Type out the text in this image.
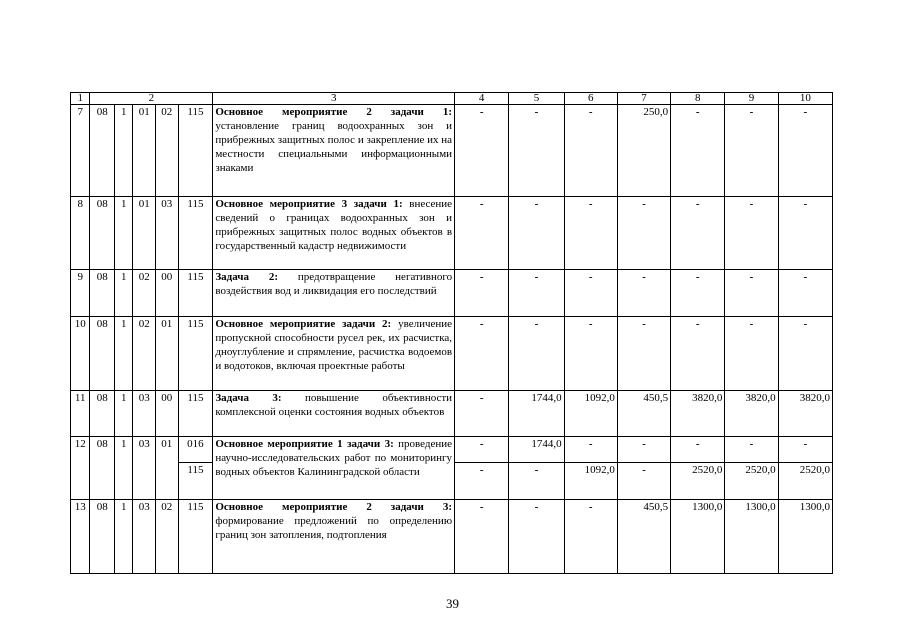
1	2					3	4	5	6	7	8	9	10
7	08	1	01	02	115	Основное мероприятие 2 задачи 1: установление границ водоохранных зон и прибрежных защитных полос и закрепление их на местности специальными информационными знаками	-	-	-	250,0	-	-	-
8	08	1	01	03	115	Основное мероприятие 3 задачи 1: внесение сведений о границах водоохранных зон и прибрежных защитных полос водных объектов в государственный кадастр недвижимости	-	-	-	-	-	-	-
9	08	1	02	00	115	Задача 2: предотвращение негативного воздействия вод и ликвидация его последствий	-	-	-	-	-	-	-
10	08	1	02	01	115	Основное мероприятие задачи 2: увеличение пропускной способности русел рек, их расчистка, дноуглубление и спрямление, расчистка водоемов и водотоков, включая проектные работы	-	-	-	-	-	-	-
11	08	1	03	00	115	Задача 3: повышение объективности комплексной оценки состояния водных объектов	-	1744,0	1092,0	450,5	3820,0	3820,0	3820,0
12	08	1	03	01	016	Основное мероприятие 1 задачи 3: проведение научно-исследовательских работ по мониторингу водных объектов Калининградской области	-	1744,0	-	-	-	-	-
					115		-	-	1092,0	-	2520,0	2520,0	2520,0
13	08	1	03	02	115	Основное мероприятие 2 задачи 3: формирование предложений по определению границ зон затопления, подтопления	-	-	-	450,5	1300,0	1300,0	1300,0
39
